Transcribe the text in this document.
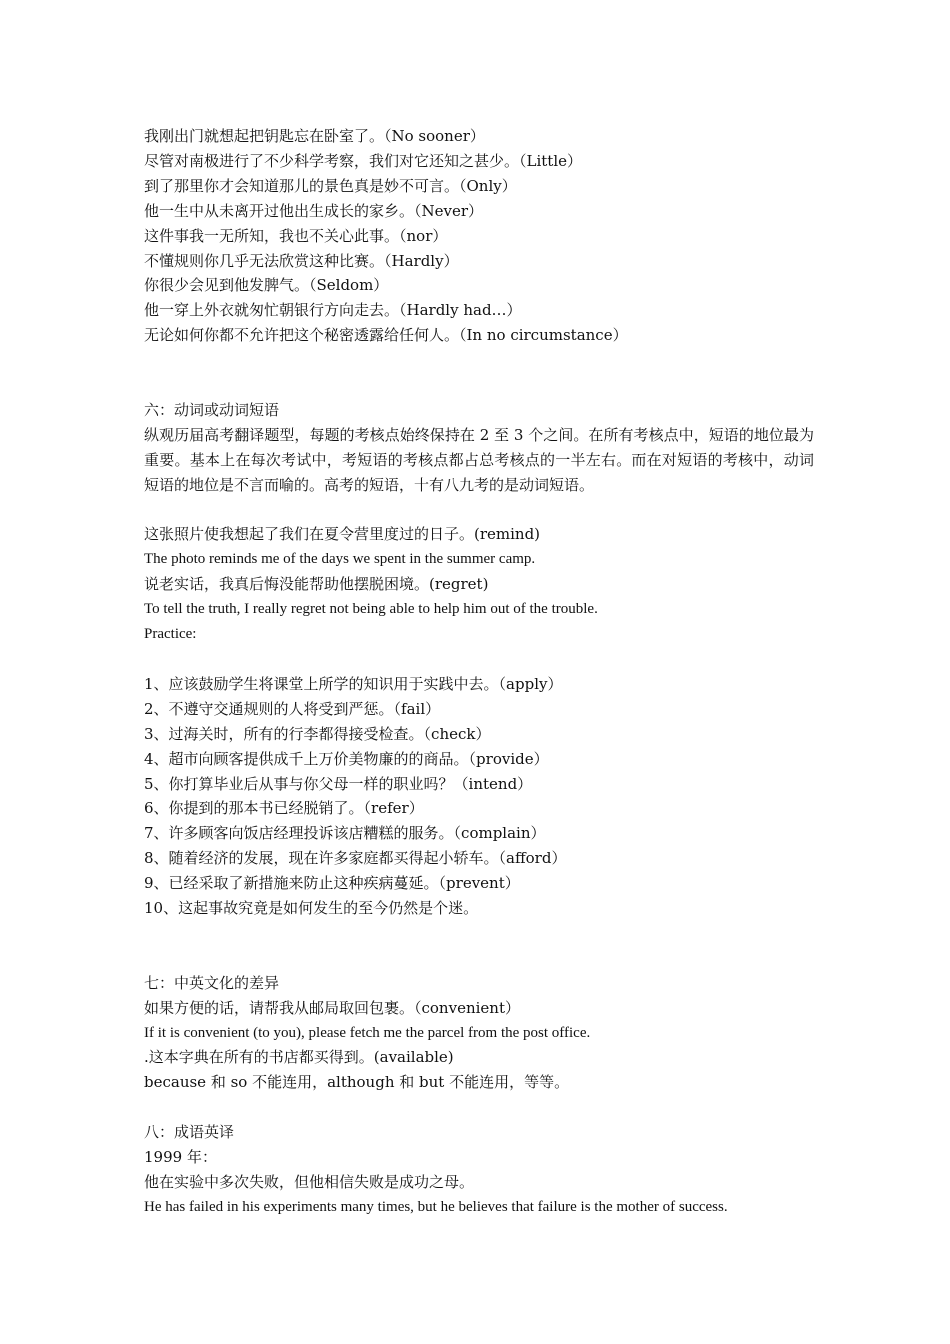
我刚出门就想起把钥匙忘在卧室了。（No sooner）
尽管对南极进行了不少科学考察，我们对它还知之甚少。（Little）
到了那里你才会知道那儿的景色真是妙不可言。（Only）
他一生中从未离开过他出生成长的家乡。（Never）
这件事我一无所知，我也不关心此事。（nor）
不懂规则你几乎无法欣赏这种比赛。（Hardly）
你很少会见到他发脾气。（Seldom）
他一穿上外衣就匆忙朝银行方向走去。（Hardly had…）
无论如何你都不允许把这个秘密透露给任何人。（In no circumstance）
六：动词或动词短语
纵观历届高考翻译题型，每题的考核点始终保持在 2 至 3 个之间。在所有考核点中，短语的地位最为重要。基本上在每次考试中，考短语的考核点都占总考核点的一半左右。而在对短语的考核中，动词短语的地位是不言而喻的。高考的短语，十有八九考的是动词短语。
这张照片使我想起了我们在夏令营里度过的日子。(remind)
The photo reminds me of the days we spent in the summer camp.
说老实话，我真后悔没能帮助他摆脱困境。(regret)
To tell the truth, I really regret not being able to help him out of the trouble.
Practice:
1、应该鼓励学生将课堂上所学的知识用于实践中去。（apply）
2、不遵守交通规则的人将受到严惩。（fail）
3、过海关时，所有的行李都得接受检查。（check）
4、超市向顾客提供成千上万价美物廉的的商品。（provide）
5、你打算毕业后从事与你父母一样的职业吗？（intend）
6、你提到的那本书已经脱销了。（refer）
7、许多顾客向饭店经理投诉该店糟糕的服务。（complain）
8、随着经济的发展，现在许多家庭都买得起小轿车。（afford）
9、已经采取了新措施来防止这种疾病蔓延。（prevent）
10、这起事故究竟是如何发生的至今仍然是个迷。
七：中英文化的差异
如果方便的话，请帮我从邮局取回包裹。（convenient）
If it is convenient (to you), please fetch me the parcel from the post office.
.这本字典在所有的书店都买得到。(available)
because 和 so 不能连用，although 和 but 不能连用，等等。
八：成语英译
1999 年：
他在实验中多次失败，但他相信失败是成功之母。
He has failed in his experiments many times, but he believes that failure is the mother of success.
